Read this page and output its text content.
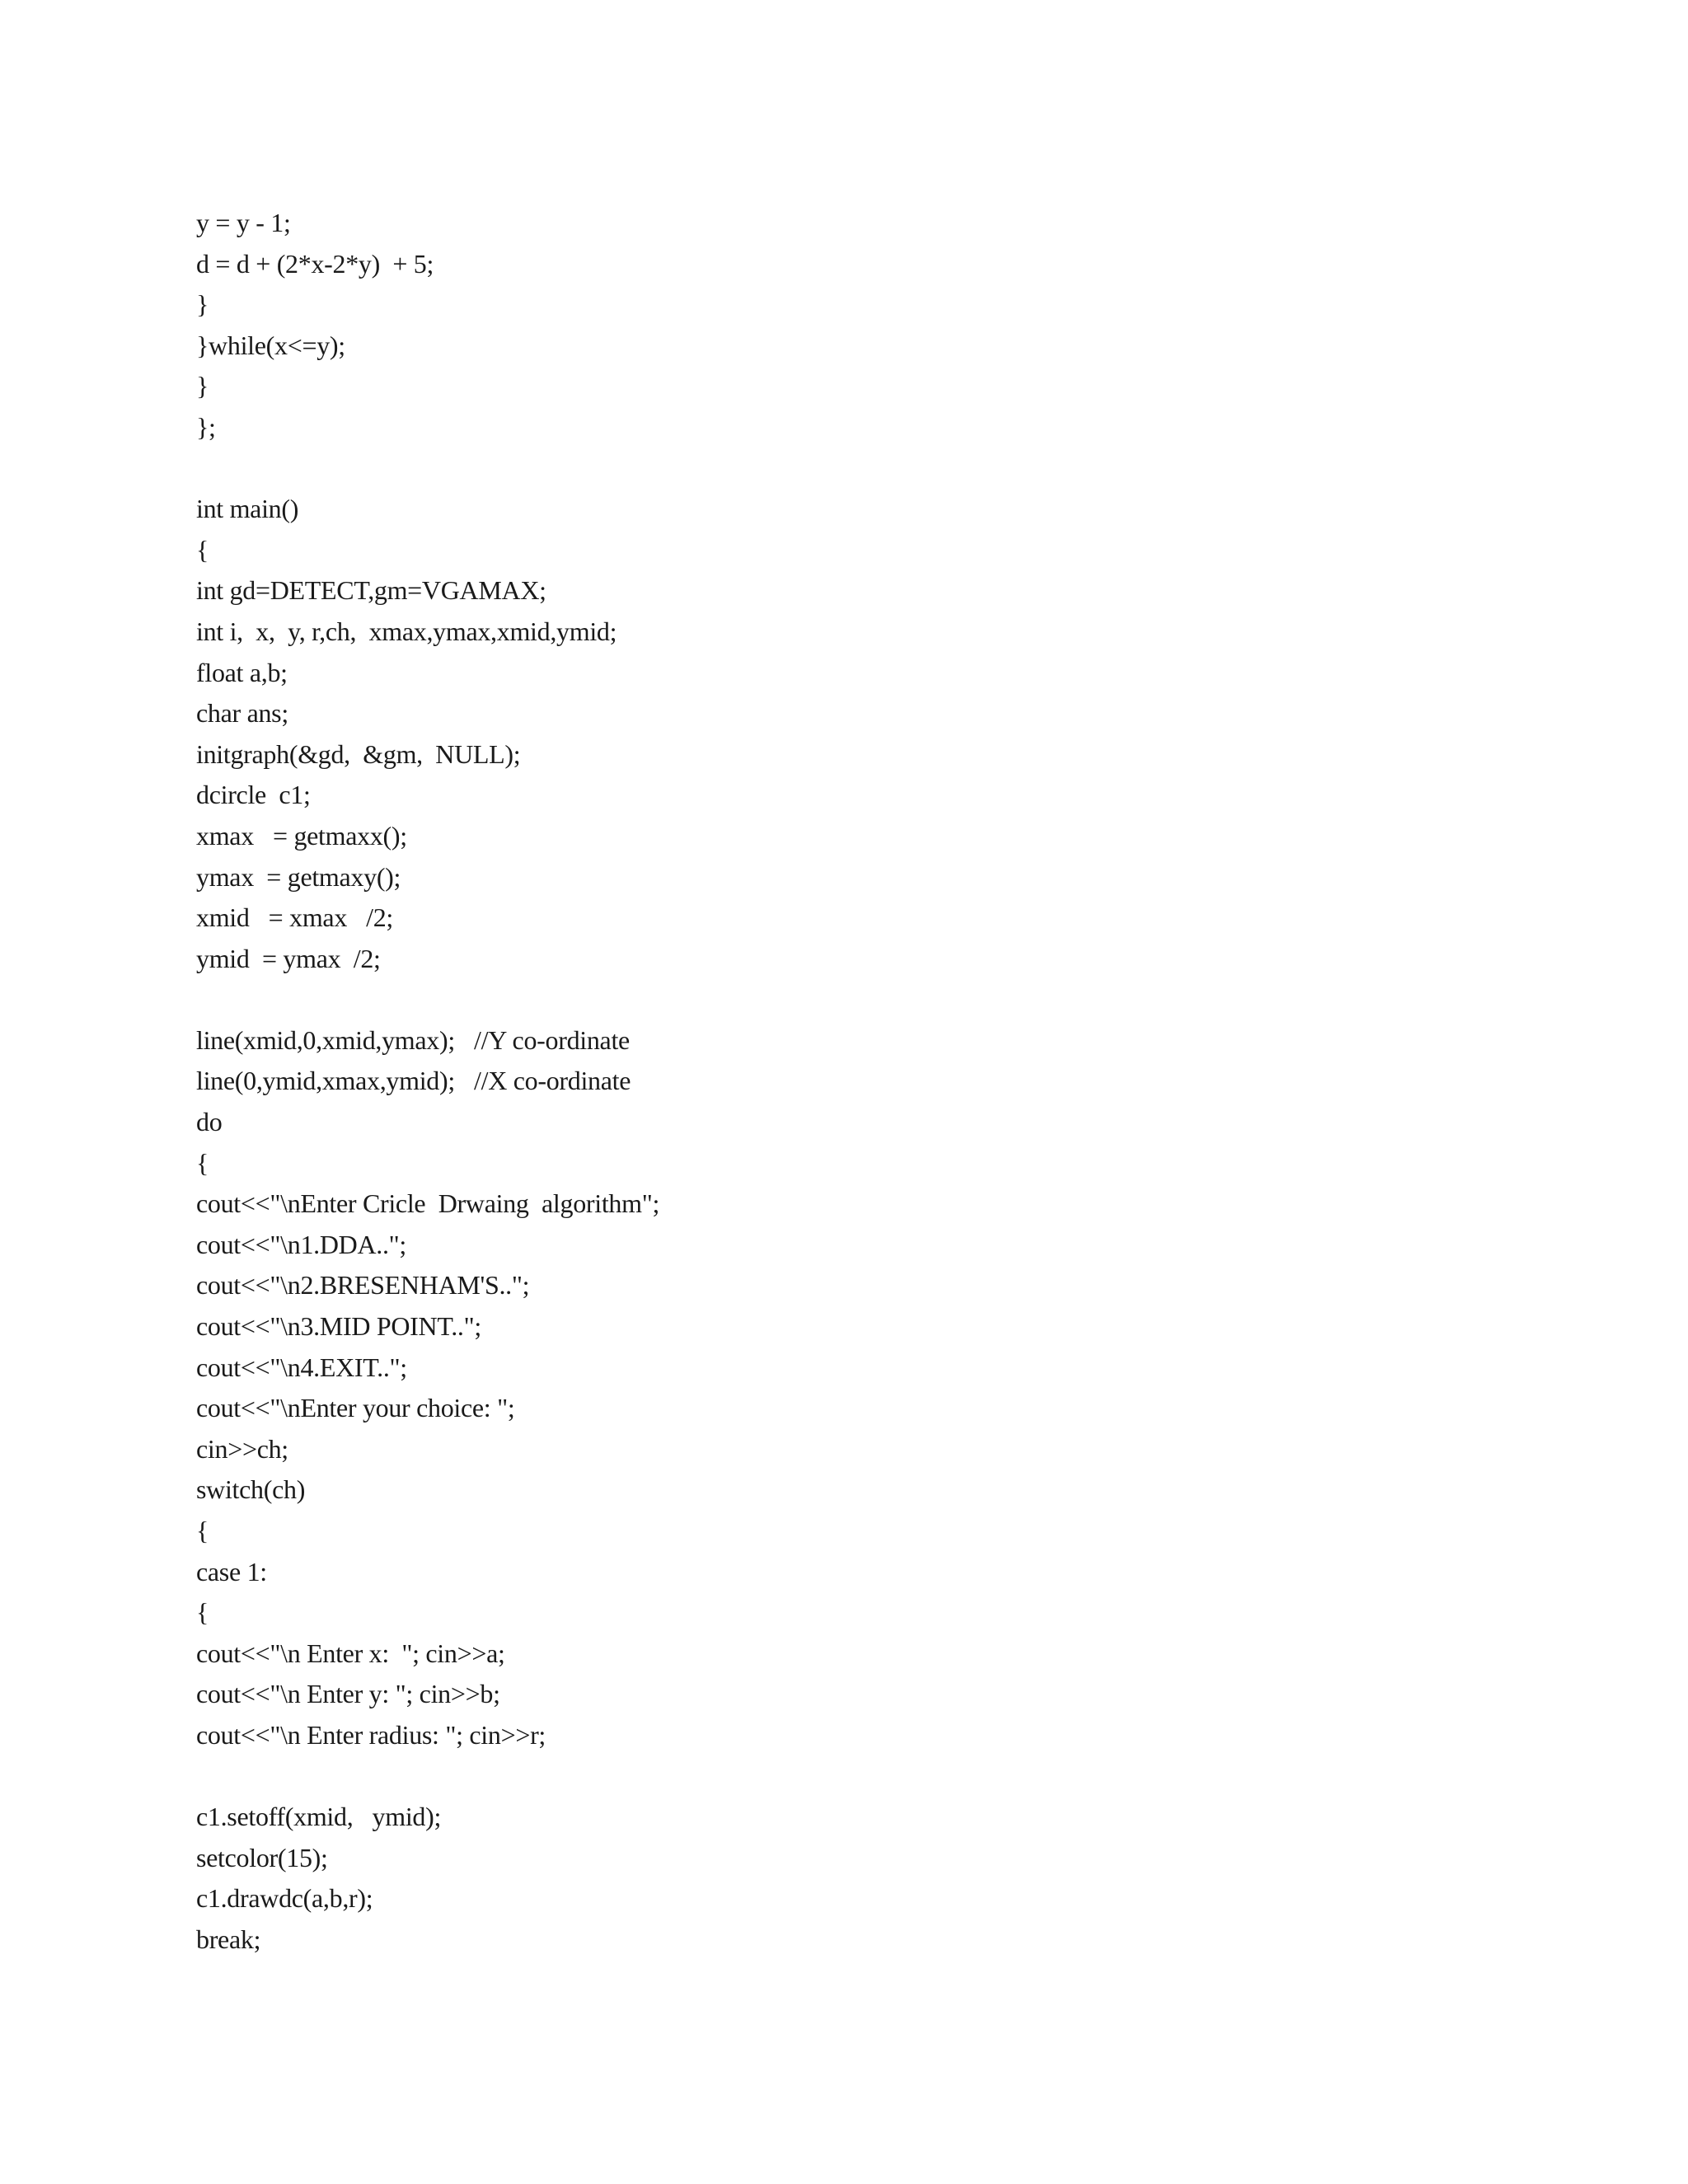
y = y - 1;
d = d + (2*x-2*y)  + 5;
}
}while(x<=y);
}
};
int main()
{
int gd=DETECT,gm=VGAMAX;
int i,  x,  y, r,ch,  xmax,ymax,xmid,ymid;
float a,b;
char ans;
initgraph(&gd,  &gm,  NULL);
dcircle  c1;
xmax   = getmaxx();
ymax  = getmaxy();
xmid   = xmax   /2;
ymid  = ymax  /2;
line(xmid,0,xmid,ymax);   //Y co-ordinate
line(0,ymid,xmax,ymid);   //X co-ordinate
do
{
cout<<"\nEnter Cricle  Drwaing  algorithm";
cout<<"\n1.DDA..";
cout<<"\n2.BRESENHAM'S..";
cout<<"\n3.MID POINT..";
cout<<"\n4.EXIT..";
cout<<"\nEnter your choice: ";
cin>>ch;
switch(ch)
{
case 1:
{
cout<<"\n Enter x:  "; cin>>a;
cout<<"\n Enter y: "; cin>>b;
cout<<"\n Enter radius: "; cin>>r;
c1.setoff(xmid,   ymid);
setcolor(15);
c1.drawdc(a,b,r);
break;
